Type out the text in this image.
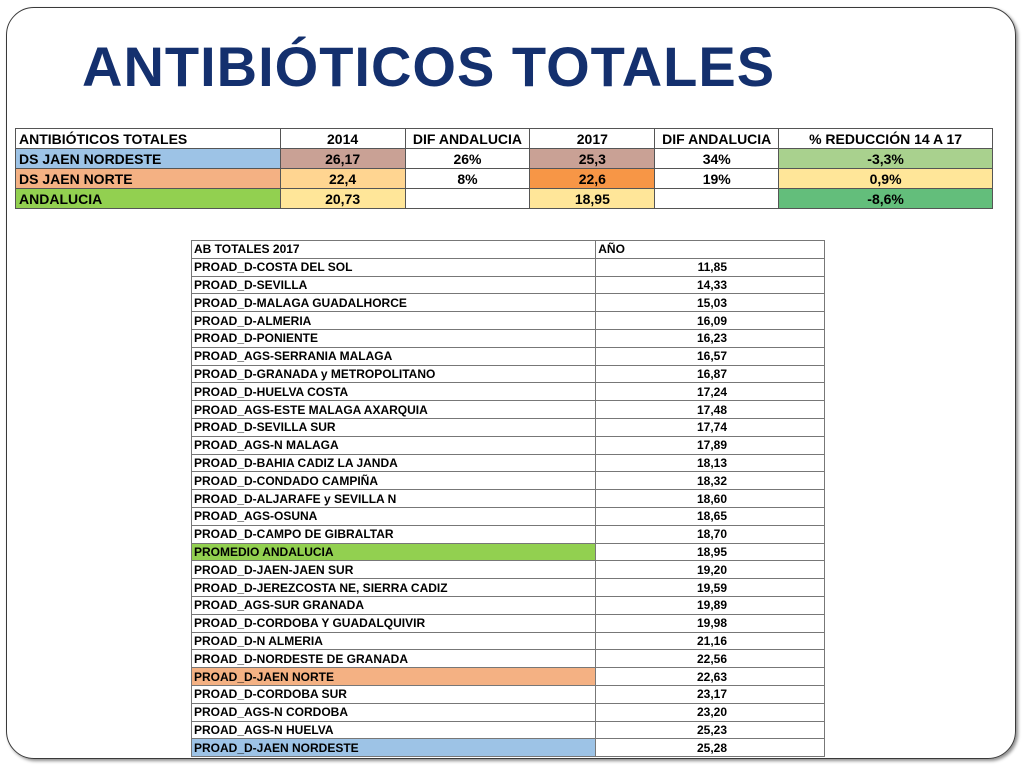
ANTIBIÓTICOS TOTALES
ANTIBIÓTICOS TOTALES	2014	DIF ANDALUCIA	2017	DIF ANDALUCIA	% REDUCCIÓN 14 A 17
DS JAEN NORDESTE	26,17	26%	25,3	34%	-3,3%
DS JAEN NORTE	22,4	8%	22,6	19%	0,9%
ANDALUCIA	20,73		18,95		-8,6%
AB TOTALES 2017	AÑO
PROAD_D-COSTA DEL SOL	11,85
PROAD_D-SEVILLA	14,33
PROAD_D-MALAGA GUADALHORCE	15,03
PROAD_D-ALMERIA	16,09
PROAD_D-PONIENTE	16,23
PROAD_AGS-SERRANIA MALAGA	16,57
PROAD_D-GRANADA y METROPOLITANO	16,87
PROAD_D-HUELVA COSTA	17,24
PROAD_AGS-ESTE MALAGA AXARQUIA	17,48
PROAD_D-SEVILLA SUR	17,74
PROAD_AGS-N MALAGA	17,89
PROAD_D-BAHIA CADIZ LA JANDA	18,13
PROAD_D-CONDADO CAMPIÑA	18,32
PROAD_D-ALJARAFE y SEVILLA N	18,60
PROAD_AGS-OSUNA	18,65
PROAD_D-CAMPO DE GIBRALTAR	18,70
PROMEDIO ANDALUCIA	18,95
PROAD_D-JAEN-JAEN SUR	19,20
PROAD_D-JEREZCOSTA NE, SIERRA CADIZ	19,59
PROAD_AGS-SUR GRANADA	19,89
PROAD_D-CORDOBA Y GUADALQUIVIR	19,98
PROAD_D-N ALMERIA	21,16
PROAD_D-NORDESTE DE GRANADA	22,56
PROAD_D-JAEN NORTE	22,63
PROAD_D-CORDOBA SUR	23,17
PROAD_AGS-N CORDOBA	23,20
PROAD_AGS-N HUELVA	25,23
PROAD_D-JAEN NORDESTE	25,28
